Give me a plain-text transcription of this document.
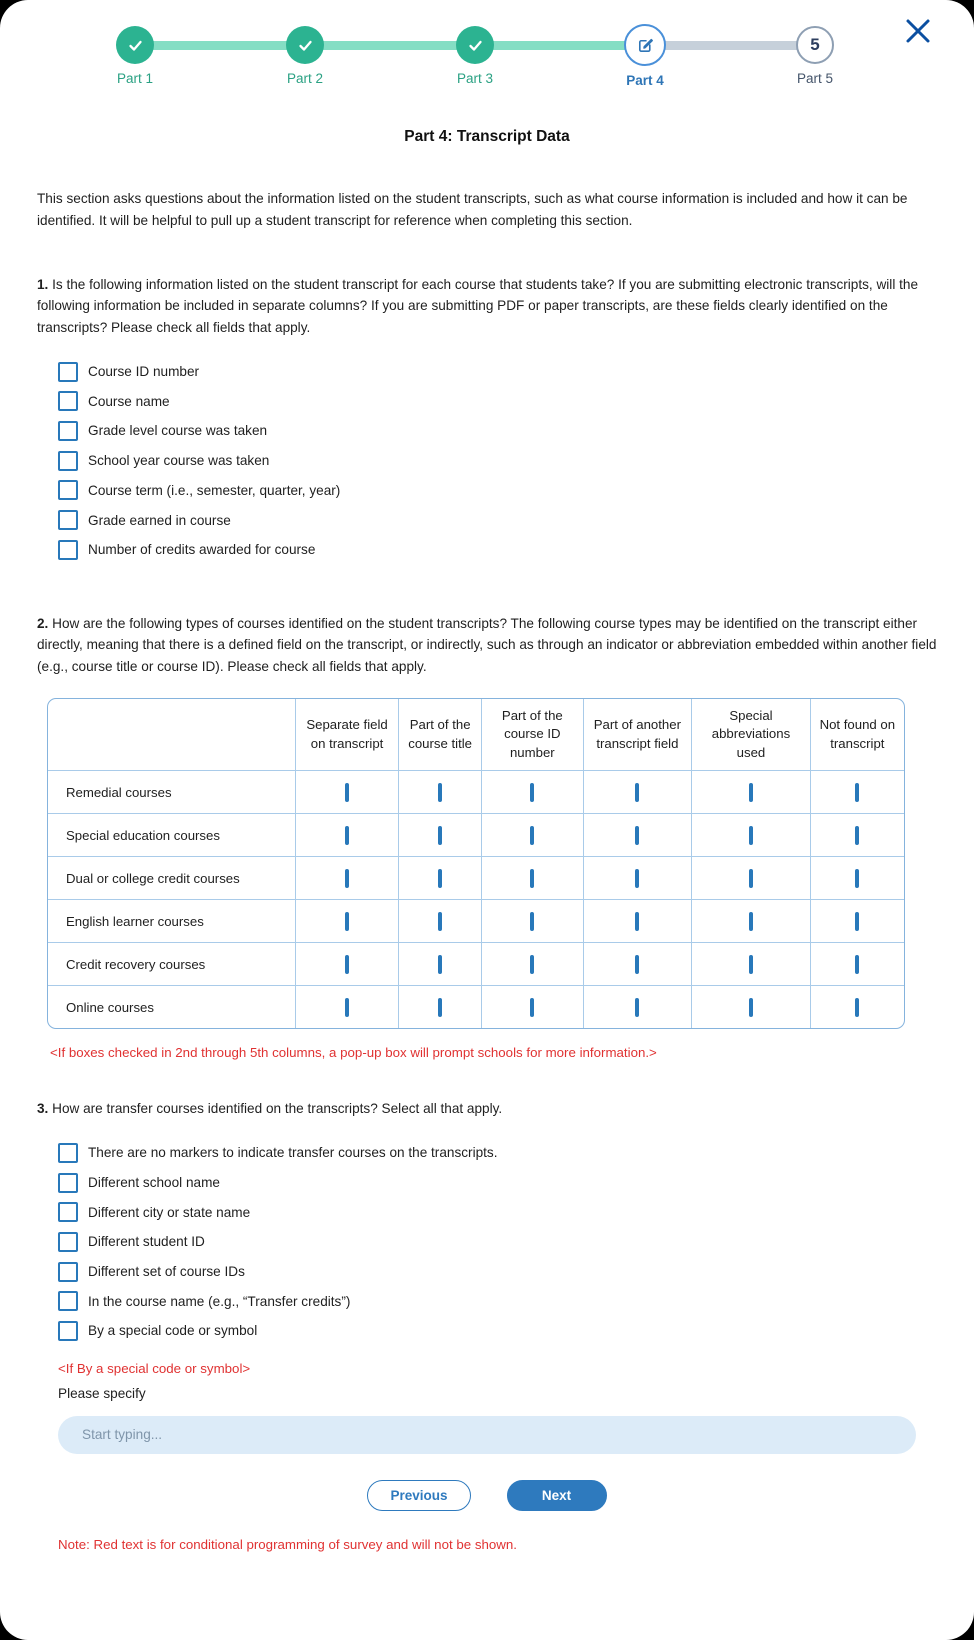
Part 1	Part 2	Part 3	Part 4
5
Part 5
Part 4: Transcript Data
This section asks questions about the information listed on the student transcripts, such as what course information is included and how it can be identified. It will be helpful to pull up a student transcript for reference when completing this section.
1. Is the following information listed on the student transcript for each course that students take? If you are submitting electronic transcripts, will the following information be included in separate columns? If you are submitting PDF or paper transcripts, are these fields clearly identified on the transcripts? Please check all fields that apply.
Course ID number
Course name
Grade level course was taken
School year course was taken
Course term (i.e., semester, quarter, year)
Grade earned in course
Number of credits awarded for course
2. How are the following types of courses identified on the student transcripts? The following course types may be identified on the transcript either directly, meaning that there is a defined field on the transcript, or indirectly, such as through an indicator or abbreviation embedded within another field (e.g., course title or course ID). Please check all fields that apply.
	Separate field on transcript	Part of the course title	Part of the course ID number	Part of another transcript field	Special abbreviations used	Not found on transcript
Remedial courses						
Special education courses						
Dual or college credit courses						
English learner courses						
Credit recovery courses						
Online courses						
<If boxes checked in 2nd through 5th columns, a pop-up box will prompt schools for more information.>
3. How are transfer courses identified on the transcripts? Select all that apply.
There are no markers to indicate transfer courses on the transcripts.
Different school name
Different city or state name
Different student ID
Different set of course IDs
In the course name (e.g., “Transfer credits”)
By a special code or symbol
<If By a special code or symbol>
Please specify
Start typing...
Previous	Next
Note: Red text is for conditional programming of survey and will not be shown.
